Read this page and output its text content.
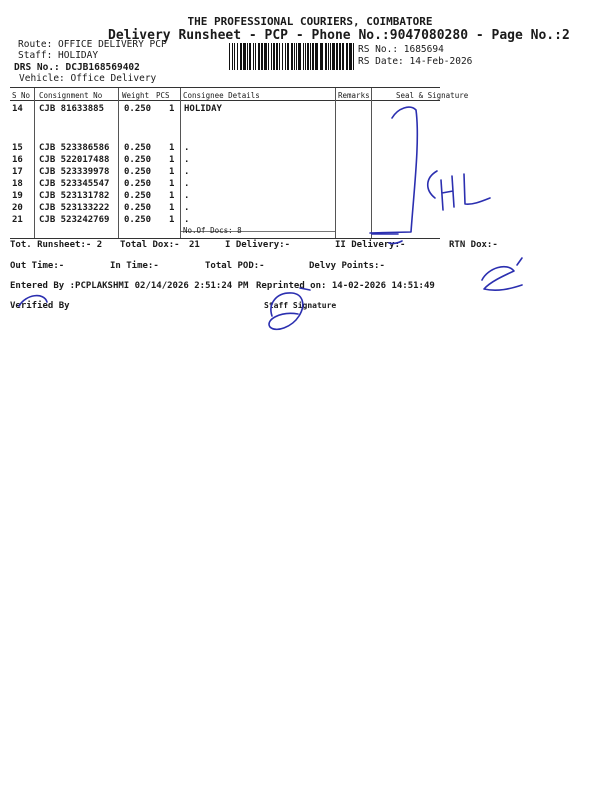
THE PROFESSIONAL COURIERS, COIMBATORE
Delivery Runsheet - PCP - Phone No.:9047080280 - Page No.:2
Route: OFFICE DELIVERY PCP
Staff: HOLIDAY
DRS No.: DCJB168569402
Vehicle: Office Delivery
RS No.: 1685694
RS Date: 14-Feb-2026
S No Consignment No	Weight PCS Consignee Details	Remarks	Seal & Signature
14 CJB 81633885 0.250 1 HOLIDAY
15 CJB 523386586 0.250 1 .
16 CJB 522017488 0.250 1 .
17 CJB 523339978 0.250 1 .
18 CJB 523345547 0.250 1 .
19 CJB 523131782 0.250 1 .
20 CJB 523133222 0.250 1 .
21 CJB 523242769 0.250 1 .
No.Of Docs: 8
Tot. Runsheet:- 2 Total Dox:- 21	I Delivery:-	II Delivery:-	RTN Dox:-
Out Time:-	In Time:-	Total POD:-	Delvy Points:-
Entered By :PCPLAKSHMI 02/14/2026 2:51:24 PM Reprinted on: 14-02-2026 14:51:49
Verified By	Staff Signature
